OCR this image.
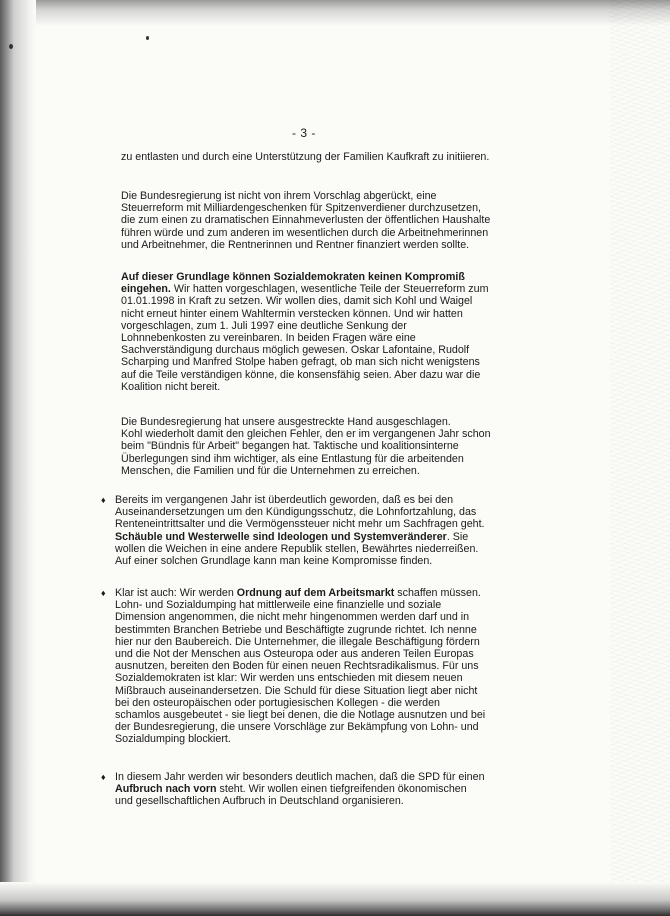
- 3 -

zu entlasten und durch eine Unterstützung der Familien Kaufkraft zu initiieren.

Die Bundesregierung ist nicht von ihrem Vorschlag abgerückt, eine
Steuerreform mit Milliardengeschenken für Spitzenverdiener durchzusetzen,
die zum einen zu dramatischen Einnahmeverlusten der öffentlichen Haushalte
führen würde und zum anderen im wesentlichen durch die Arbeitnehmerinnen
und Arbeitnehmer, die Rentnerinnen und Rentner finanziert werden sollte.

Auf dieser Grundlage können Sozialdemokraten keinen Kompromiß
eingehen. Wir hatten vorgeschlagen, wesentliche Teile der Steuerreform zum
01.01.1998 in Kraft zu setzen. Wir wollen dies, damit sich Kohl und Waigel
nicht erneut hinter einem Wahltermin verstecken können. Und wir hatten
vorgeschlagen, zum 1. Juli 1997 eine deutliche Senkung der
Lohnnebenkosten zu vereinbaren. In beiden Fragen wäre eine
Sachverständigung durchaus möglich gewesen. Oskar Lafontaine, Rudolf
Scharping und Manfred Stolpe haben gefragt, ob man sich nicht wenigstens
auf die Teile verständigen könne, die konsensfähig seien. Aber dazu war die
Koalition nicht bereit.

Die Bundesregierung hat unsere ausgestreckte Hand ausgeschlagen.
Kohl wiederholt damit den gleichen Fehler, den er im vergangenen Jahr schon
beim "Bündnis für Arbeit" begangen hat. Taktische und koalitionsinterne
Überlegungen sind ihm wichtiger, als eine Entlastung für die arbeitenden
Menschen, die Familien und für die Unternehmen zu erreichen.

♦ Bereits im vergangenen Jahr ist überdeutlich geworden, daß es bei den
Auseinandersetzungen um den Kündigungsschutz, die Lohnfortzahlung, das
Renteneintrittsalter und die Vermögenssteuer nicht mehr um Sachfragen geht.
Schäuble und Westerwelle sind Ideologen und Systemveränderer. Sie
wollen die Weichen in eine andere Republik stellen, Bewährtes niederreißen.
Auf einer solchen Grundlage kann man keine Kompromisse finden.

♦ Klar ist auch: Wir werden Ordnung auf dem Arbeitsmarkt schaffen müssen.
Lohn- und Sozialdumping hat mittlerweile eine finanzielle und soziale
Dimension angenommen, die nicht mehr hingenommen werden darf und in
bestimmten Branchen Betriebe und Beschäftigte zugrunde richtet. Ich nenne
hier nur den Baubereich. Die Unternehmer, die illegale Beschäftigung fördern
und die Not der Menschen aus Osteuropa oder aus anderen Teilen Europas
ausnutzen, bereiten den Boden für einen neuen Rechtsradikalismus. Für uns
Sozialdemokraten ist klar: Wir werden uns entschieden mit diesem neuen
Mißbrauch auseinandersetzen. Die Schuld für diese Situation liegt aber nicht
bei den osteuropäischen oder portugiesischen Kollegen - die werden
schamlos ausgebeutet - sie liegt bei denen, die die Notlage ausnutzen und bei
der Bundesregierung, die unsere Vorschläge zur Bekämpfung von Lohn- und
Sozialdumping blockiert.

♦ In diesem Jahr werden wir besonders deutlich machen, daß die SPD für einen
Aufbruch nach vorn steht. Wir wollen einen tiefgreifenden ökonomischen
und gesellschaftlichen Aufbruch in Deutschland organisieren.
